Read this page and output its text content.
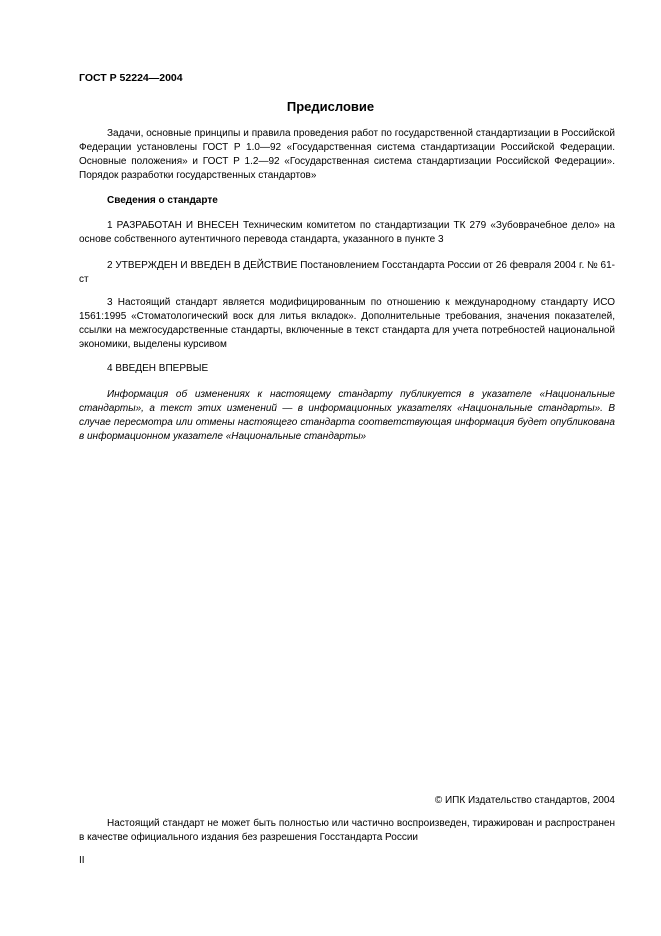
ГОСТ Р 52224—2004
Предисловие
Задачи, основные принципы и правила проведения работ по государственной стандартизации в Российской Федерации установлены ГОСТ Р 1.0—92 «Государственная система стандартизации Российской Федерации. Основные положения» и ГОСТ Р 1.2—92 «Государственная система стандартизации Российской Федерации». Порядок разработки государственных стандартов»
Сведения о стандарте
1 РАЗРАБОТАН И ВНЕСЕН Техническим комитетом по стандартизации ТК 279 «Зубоврачебное дело» на основе собственного аутентичного перевода стандарта, указанного в пункте 3
2 УТВЕРЖДЕН И ВВЕДЕН В ДЕЙСТВИЕ Постановлением Госстандарта России от 26 февраля 2004 г. № 61-ст
3 Настоящий стандарт является модифицированным по отношению к международному стандарту ИСО 1561:1995 «Стоматологический воск для литья вкладок». Дополнительные требования, значения показателей, ссылки на межгосударственные стандарты, включенные в текст стандарта для учета потребностей национальной экономики, выделены курсивом
4 ВВЕДЕН ВПЕРВЫЕ
Информация об изменениях к настоящему стандарту публикуется в указателе «Национальные стандарты», а текст этих изменений — в информационных указателях «Национальные стандарты». В случае пересмотра или отмены настоящего стандарта соответствующая информация будет опубликована в информационном указателе «Национальные стандарты»
© ИПК Издательство стандартов, 2004
Настоящий стандарт не может быть полностью или частично воспроизведен, тиражирован и распространен в качестве официального издания без разрешения Госстандарта России
II
